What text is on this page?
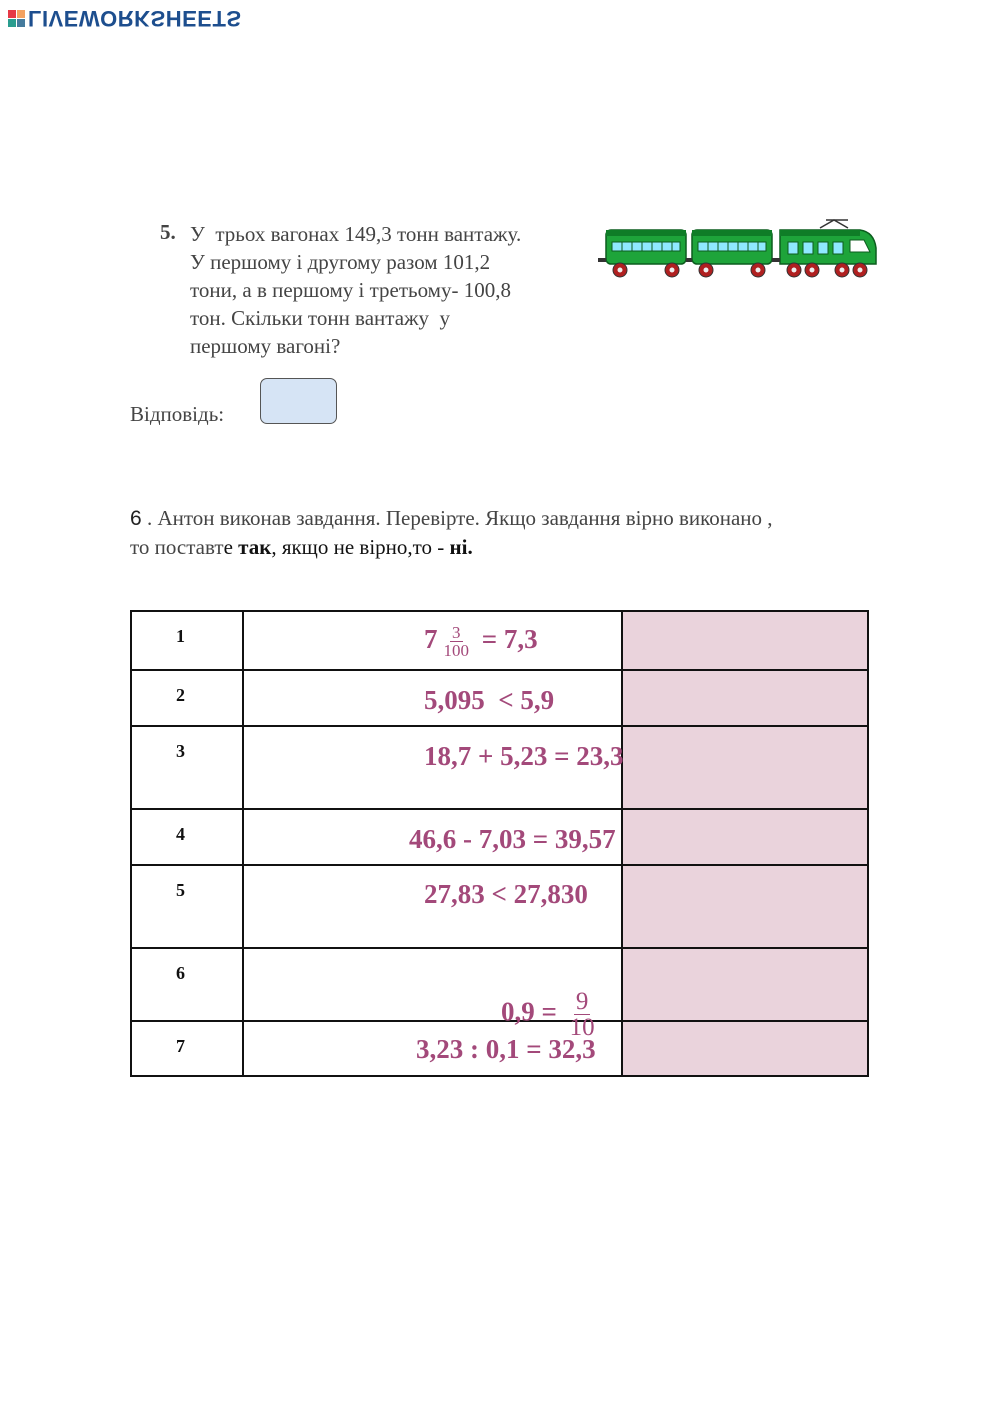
LIVEWORKSHEETS
5. У  трьох вагонах 149,3 тонн вантажу.
У першому і другому разом 101,2
тони, а в першому і третьому- 100,8
тон. Скільки тонн вантажу  у
першому вагоні?
Відповідь:
6 . Антон виконав завдання. Перевірте. Якщо завдання вірно виконано ,
то поставте так, якщо не вірно,то - ні.
1	$7 \frac{3}{100} = 7,3$	

2	5,095  < 5,9	

3	18,7 + 5,23 = 23,3	

4	46,6 - 7,03 = 39,57	

5	27,83 < 27,830	

6	$0,9 = \frac{9}{10}$

7	3,23 : 0,1 = 32,3	
